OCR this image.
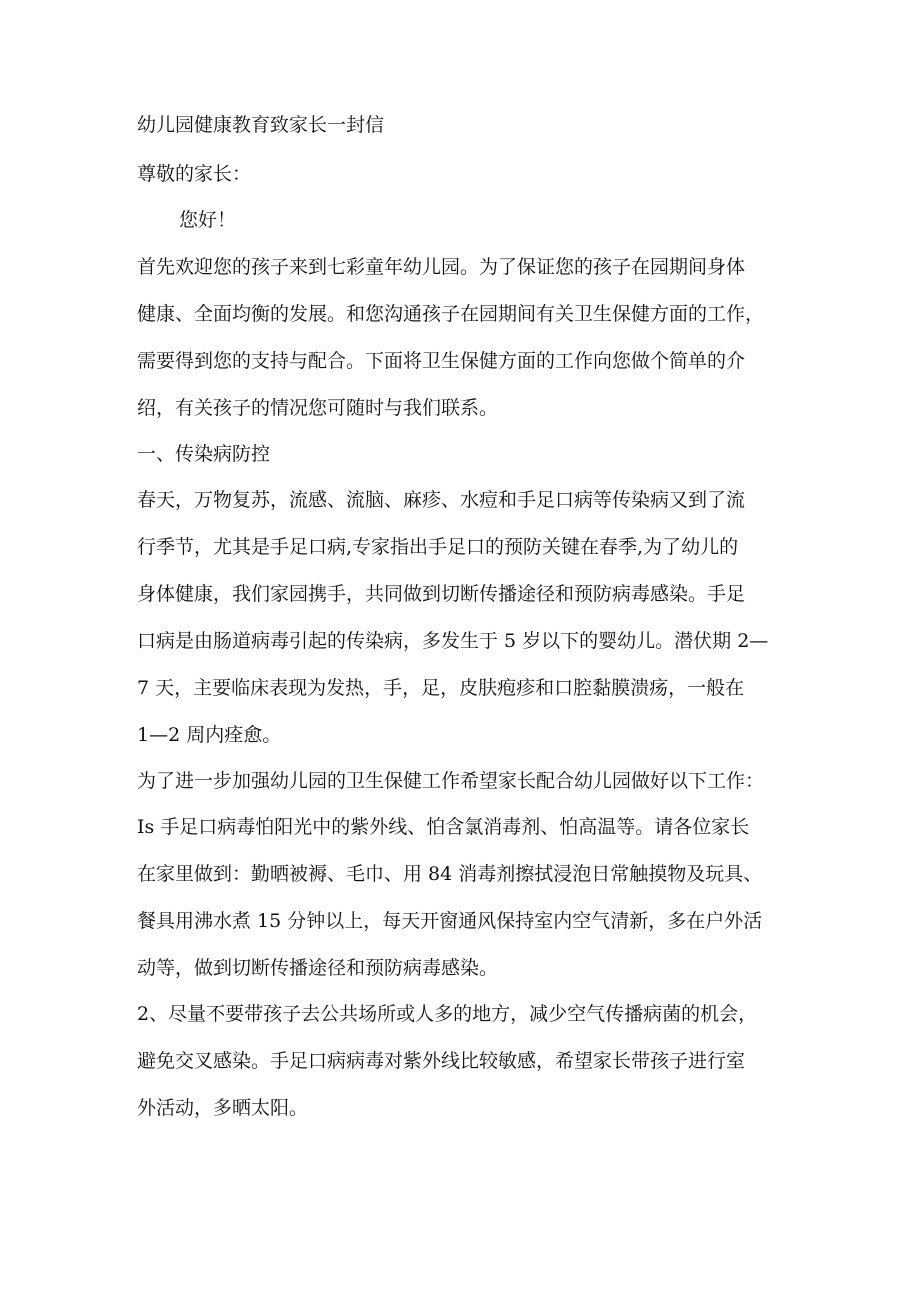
幼儿园健康教育致家长一封信

尊敬的家长：

您好！

首先欢迎您的孩子来到七彩童年幼儿园。为了保证您的孩子在园期间身体

健康、全面均衡的发展。和您沟通孩子在园期间有关卫生保健方面的工作，

需要得到您的支持与配合。下面将卫生保健方面的工作向您做个简单的介

绍，有关孩子的情况您可随时与我们联系。

一、传染病防控

春天，万物复苏，流感、流脑、麻疹、水痘和手足口病等传染病又到了流

行季节，尤其是手足口病,专家指出手足口的预防关键在春季,为了幼儿的

身体健康，我们家园携手，共同做到切断传播途径和预防病毒感染。手足

口病是由肠道病毒引起的传染病，多发生于 5 岁以下的婴幼儿。潜伏期 2—

7 天，主要临床表现为发热，手，足，皮肤疱疹和口腔黏膜溃疡，一般在

1—2 周内痊愈。

为了进一步加强幼儿园的卫生保健工作希望家长配合幼儿园做好以下工作：

Is 手足口病毒怕阳光中的紫外线、怕含氯消毒剂、怕高温等。请各位家长

在家里做到：勤晒被褥、毛巾、用 84 消毒剂擦拭浸泡日常触摸物及玩具、

餐具用沸水煮 15 分钟以上，每天开窗通风保持室内空气清新，多在户外活

动等，做到切断传播途径和预防病毒感染。

2、尽量不要带孩子去公共场所或人多的地方，减少空气传播病菌的机会，

避免交叉感染。手足口病病毒对紫外线比较敏感，希望家长带孩子进行室

外活动，多晒太阳。
